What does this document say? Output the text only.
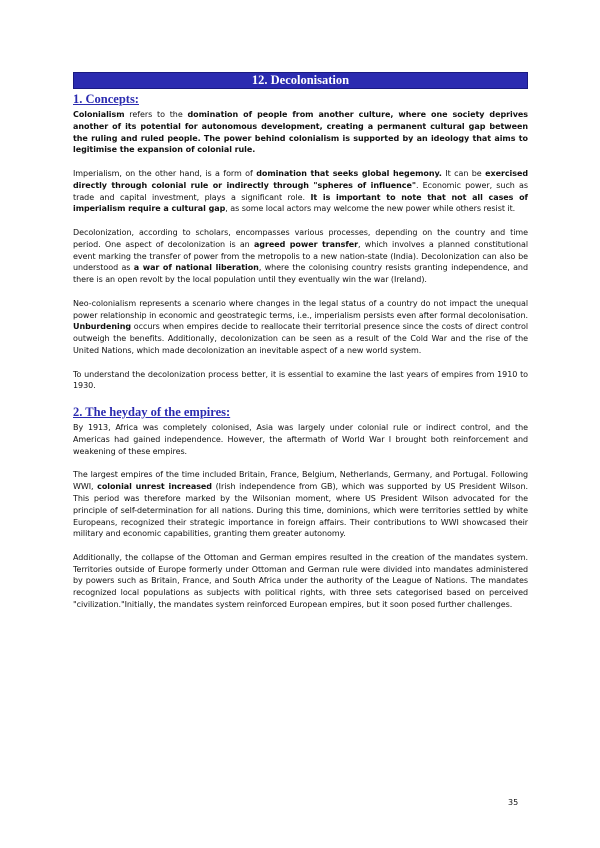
12. Decolonisation
1. Concepts:

Colonialism refers to the domination of people from another culture, where one society deprives another of its potential for autonomous development, creating a permanent cultural gap between the ruling and ruled people. The power behind colonialism is supported by an ideology that aims to legitimise the expansion of colonial rule.

Imperialism, on the other hand, is a form of domination that seeks global hegemony. It can be exercised directly through colonial rule or indirectly through "spheres of influence". Economic power, such as trade and capital investment, plays a significant role. It is important to note that not all cases of imperialism require a cultural gap, as some local actors may welcome the new power while others resist it.

Decolonization, according to scholars, encompasses various processes, depending on the country and time period. One aspect of decolonization is an agreed power transfer, which involves a planned constitutional event marking the transfer of power from the metropolis to a new nation-state (India). Decolonization can also be understood as a war of national liberation, where the colonising country resists granting independence, and there is an open revolt by the local population until they eventually win the war (Ireland).

Neo-colonialism represents a scenario where changes in the legal status of a country do not impact the unequal power relationship in economic and geostrategic terms, i.e., imperialism persists even after formal decolonisation. Unburdening occurs when empires decide to reallocate their territorial presence since the costs of direct control outweigh the benefits. Additionally, decolonization can be seen as a result of the Cold War and the rise of the United Nations, which made decolonization an inevitable aspect of a new world system.

To understand the decolonization process better, it is essential to examine the last years of empires from 1910 to 1930.

2. The heyday of the empires:

By 1913, Africa was completely colonised, Asia was largely under colonial rule or indirect control, and the Americas had gained independence. However, the aftermath of World War I brought both reinforcement and weakening of these empires.

The largest empires of the time included Britain, France, Belgium, Netherlands, Germany, and Portugal. Following WWI, colonial unrest increased (Irish independence from GB), which was supported by US President Wilson. This period was therefore marked by the Wilsonian moment, where US President Wilson advocated for the principle of self-determination for all nations. During this time, dominions, which were territories settled by white Europeans, recognized their strategic importance in foreign affairs. Their contributions to WWI showcased their military and economic capabilities, granting them greater autonomy.

Additionally, the collapse of the Ottoman and German empires resulted in the creation of the mandates system. Territories outside of Europe formerly under Ottoman and German rule were divided into mandates administered by powers such as Britain, France, and South Africa under the authority of the League of Nations. The mandates recognized local populations as subjects with political rights, with three sets categorised based on perceived "civilization."Initially, the mandates system reinforced European empires, but it soon posed further challenges.

35
